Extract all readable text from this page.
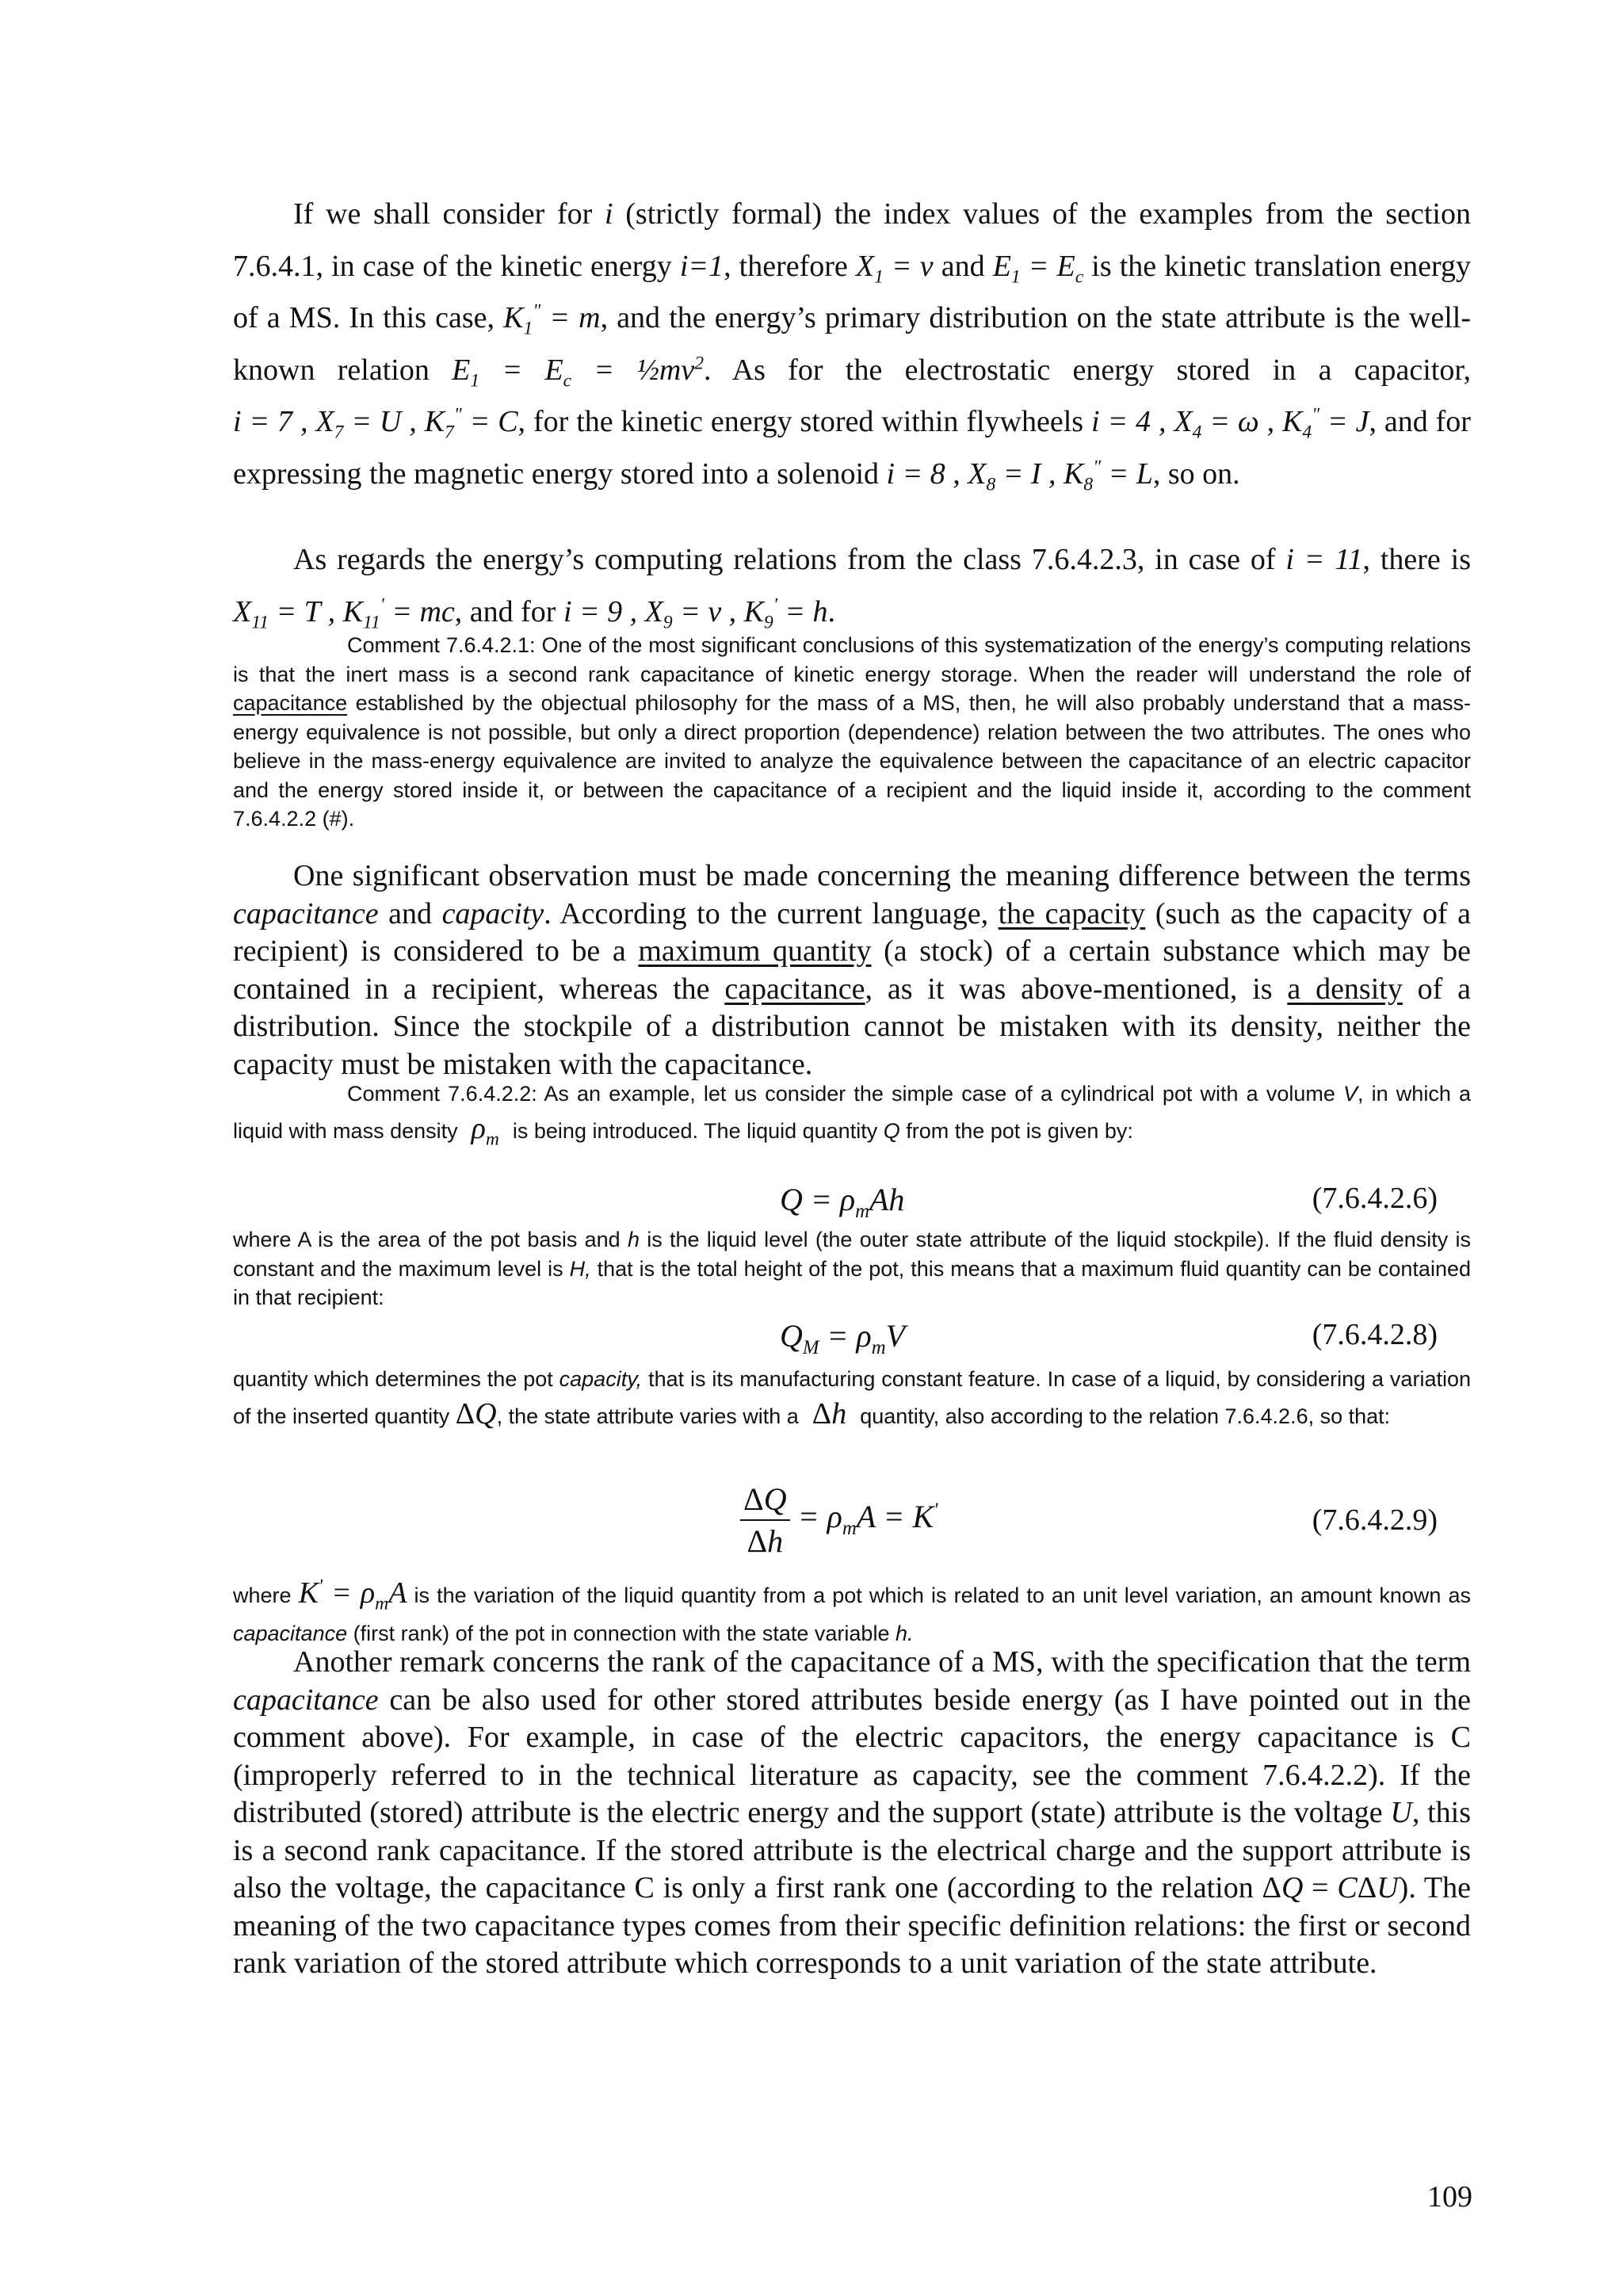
If we shall consider for i (strictly formal) the index values of the examples from the section 7.6.4.1, in case of the kinetic energy i=1, therefore $X_1 = v$ and $E_1 = E_c$ is the kinetic translation energy of a MS. In this case, $K_1^" = m$, and the energy’s primary distribution on the state attribute is the well-known relation $E_1 = E_c$ = $\frac{1}{2}mv^2$. As for the electrostatic energy stored in a capacitor, i = 7 , $X_7 = U$ , $K_7^" = C$, for the kinetic energy stored within flywheels i = 4 , $X_4 = \omega$ , $K_4^" = J$, and for expressing the magnetic energy stored into a solenoid i = 8 , $X_8 = I$ , $K_8^" = L$, so on.

As regards the energy’s computing relations from the class 7.6.4.2.3, in case of i = 11, there is $X_{11} = T$ , $K_{11}'$ = mc, and for i = 9 , $X_9 = \nu$ , $K_9' = h$.

Comment 7.6.4.2.1: One of the most significant conclusions of this systematization of the energy’s computing relations is that the inert mass is a second rank capacitance of kinetic energy storage. When the reader will understand the role of capacitance established by the objectual philosophy for the mass of a MS, then, he will also probably understand that a mass-energy equivalence is not possible, but only a direct proportion (dependence) relation between the two attributes. The ones who believe in the mass-energy equivalence are invited to analyze the equivalence between the capacitance of an electric capacitor and the energy stored inside it, or between the capacitance of a recipient and the liquid inside it, according to the comment 7.6.4.2.2 (#).

One significant observation must be made concerning the meaning difference between the terms capacitance and capacity. According to the current language, the capacity (such as the capacity of a recipient) is considered to be a maximum quantity (a stock) of a certain substance which may be contained in a recipient, whereas the capacitance, as it was above-mentioned, is a density of a distribution. Since the stockpile of a distribution cannot be mistaken with its density, neither the capacity must be mistaken with the capacitance.

Comment 7.6.4.2.2: As an example, let us consider the simple case of a cylindrical pot with a volume V, in which a liquid with mass density  $\rho_m$  is being introduced. The liquid quantity Q from the pot is given by:

$Q = \rho_mAh$	(7.6.4.2.6)

where A is the area of the pot basis and h is the liquid level (the outer state attribute of the liquid stockpile). If the fluid density is constant and the maximum level is H, that is the total height of the pot, this means that a maximum fluid quantity can be contained in that recipient:

$Q_M = \rho_mV$	(7.6.4.2.8)

quantity which determines the pot capacity, that is its manufacturing constant feature. In case of a liquid, by considering a variation of the inserted quantity ΔQ, the state attribute varies with a  Δh  quantity, also according to the relation 7.6.4.2.6, so that:

$\frac{\Delta Q}{\Delta h} = \rho_mA = K'$	(7.6.4.2.9)

where $K' = \rho_mA$ is the variation of the liquid quantity from a pot which is related to an unit level variation, an amount known as capacitance (first rank) of the pot in connection with the state variable h.

Another remark concerns the rank of the capacitance of a MS, with the specification that the term capacitance can be also used for other stored attributes beside energy (as I have pointed out in the comment above). For example, in case of the electric capacitors, the energy capacitance is C (improperly referred to in the technical literature as capacity, see the comment 7.6.4.2.2). If the distributed (stored) attribute is the electric energy and the support (state) attribute is the voltage U, this is a second rank capacitance. If the stored attribute is the electrical charge and the support attribute is also the voltage, the capacitance C is only a first rank one (according to the relation ΔQ = CΔU). The meaning of the two capacitance types comes from their specific definition relations: the first or second rank variation of the stored attribute which corresponds to a unit variation of the state attribute.

109
